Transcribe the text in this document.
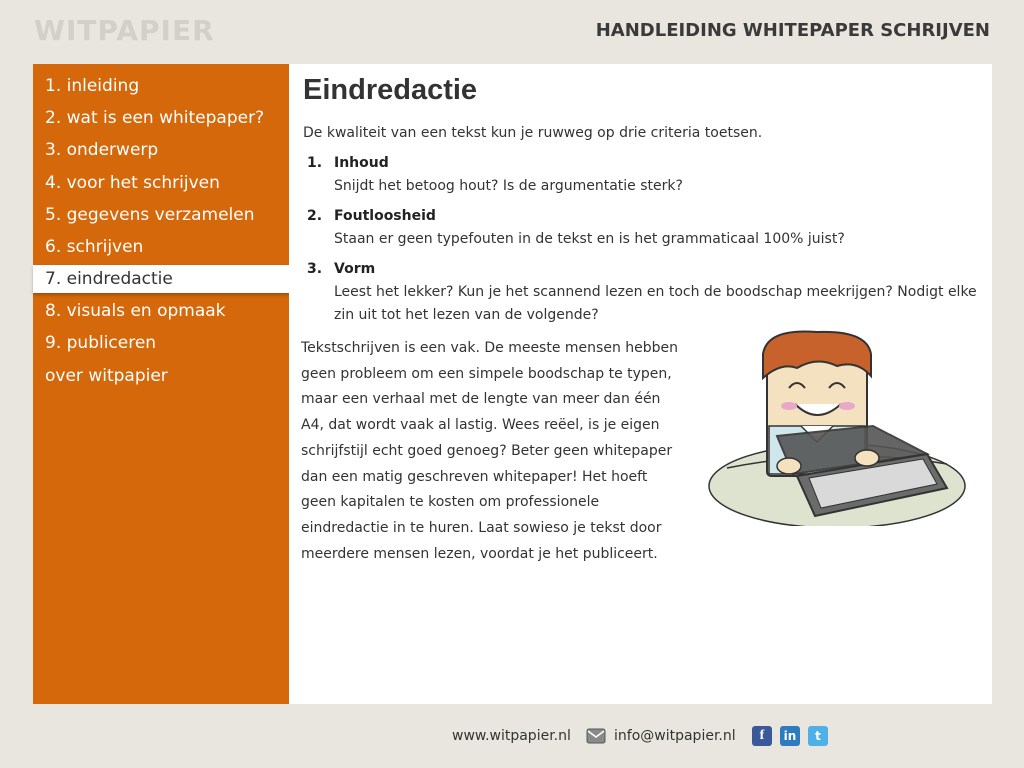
WITPAPIER	HANDLEIDING WHITEPAPER SCHRIJVEN
1. inleiding
2. wat is een whitepaper?
3. onderwerp
4. voor het schrijven
5. gegevens verzamelen
6. schrijven
7. eindredactie
8. visuals en opmaak
9. publiceren
over witpapier
Eindredactie

De kwaliteit van een tekst kun je ruwweg op drie criteria toetsen.

1. Inhoud
Snijdt het betoog hout? Is de argumentatie sterk?
2. Foutloosheid
Staan er geen typefouten in de tekst en is het grammaticaal 100% juist?
3. Vorm
Leest het lekker? Kun je het scannend lezen en toch de boodschap meekrijgen? Nodigt elke zin uit tot het lezen van de volgende?

Tekstschrijven is een vak. De meeste mensen hebben geen probleem om een simpele boodschap te typen, maar een verhaal met de lengte van meer dan één A4, dat wordt vaak al lastig. Wees reëel, is je eigen schrijfstijl echt goed genoeg? Beter geen whitepaper dan een matig geschreven whitepaper! Het hoeft geen kapitalen te kosten om professionele eindredactie in te huren. Laat sowieso je tekst door meerdere mensen lezen, voordat je het publiceert.

www.witpapier.nl	info@witpapier.nl	f	in	t
